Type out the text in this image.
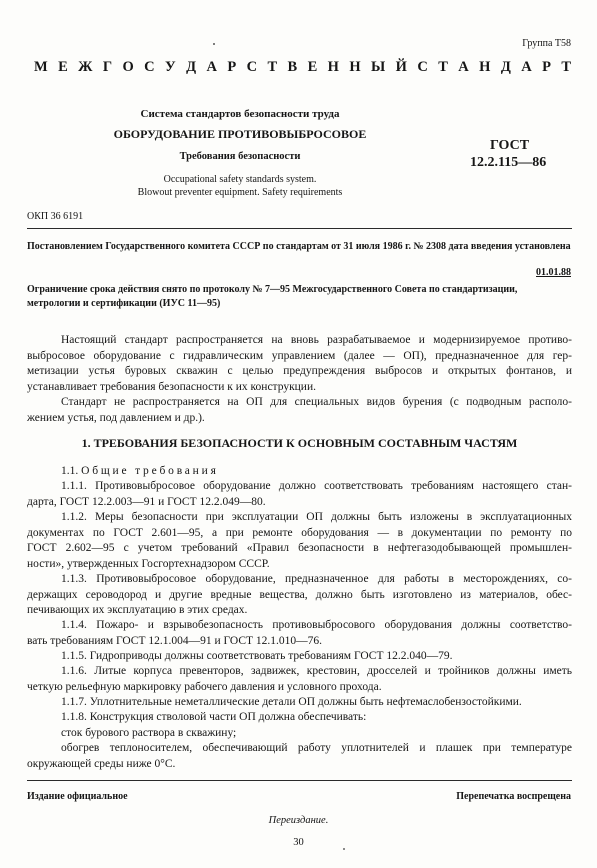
Группа Т58
М Е Ж Г О С У Д А Р С Т В Е Н Н Ы Й С Т А Н Д А Р Т
Система стандартов безопасности труда
ОБОРУДОВАНИЕ ПРОТИВОВЫБРОСОВОЕ
Требования безопасности
Occupational safety standards system.
Blowout preventer equipment. Safety requirements
ГОСТ
12.2.115—86
ОКП 36 6191
Постановлением Государственного комитета СССР по стандартам от 31 июля 1986 г. № 2308 дата введения установлена
01.01.88
Ограничение срока действия снято по протоколу № 7—95 Межгосударственного Совета по стандартизации, метрологии и сертификации (ИУС 11—95)
Настоящий стандарт распространяется на вновь разрабатываемое и модернизируемое противо-
выбросовое оборудование с гидравлическим управлением (далее — ОП), предназначенное для гер-
метизации устья буровых скважин с целью предупреждения выбросов и открытых фонтанов, и
устанавливает требования безопасности к их конструкции.
Стандарт не распространяется на ОП для специальных видов бурения (с подводным располо-
жением устья, под давлением и др.).
1. ТРЕБОВАНИЯ БЕЗОПАСНОСТИ К ОСНОВНЫМ СОСТАВНЫМ ЧАСТЯМ
1.1. Общие требования
1.1.1. Противовыбросовое оборудование должно соответствовать требованиям настоящего стан-
дарта, ГОСТ 12.2.003—91 и ГОСТ 12.2.049—80.
1.1.2. Меры безопасности при эксплуатации ОП должны быть изложены в эксплуатационных
документах по ГОСТ 2.601—95, а при ремонте оборудования — в документации по ремонту по
ГОСТ 2.602—95 с учетом требований «Правил безопасности в нефтегазодобывающей промышлен-
ности», утвержденных Госгортехнадзором СССР.
1.1.3. Противовыбросовое оборудование, предназначенное для работы в месторождениях, со-
держащих сероводород и другие вредные вещества, должно быть изготовлено из материалов, обес-
печивающих их эксплуатацию в этих средах.
1.1.4. Пожаро- и взрывобезопасность противовыбросового оборудования должны соответство-
вать требованиям ГОСТ 12.1.004—91 и ГОСТ 12.1.010—76.
1.1.5. Гидроприводы должны соответствовать требованиям ГОСТ 12.2.040—79.
1.1.6. Литые корпуса превенторов, задвижек, крестовин, дросселей и тройников должны иметь
четкую рельефную маркировку рабочего давления и условного прохода.
1.1.7. Уплотнительные неметаллические детали ОП должны быть нефтемаслобензостойкими.
1.1.8. Конструкция стволовой части ОП должна обеспечивать:
сток бурового раствора в скважину;
обогрев теплоносителем, обеспечивающий работу уплотнителей и плашек при температуре
окружающей среды ниже 0°С.
Издание официальное	Перепечатка воспрещена
Переиздание.
30
